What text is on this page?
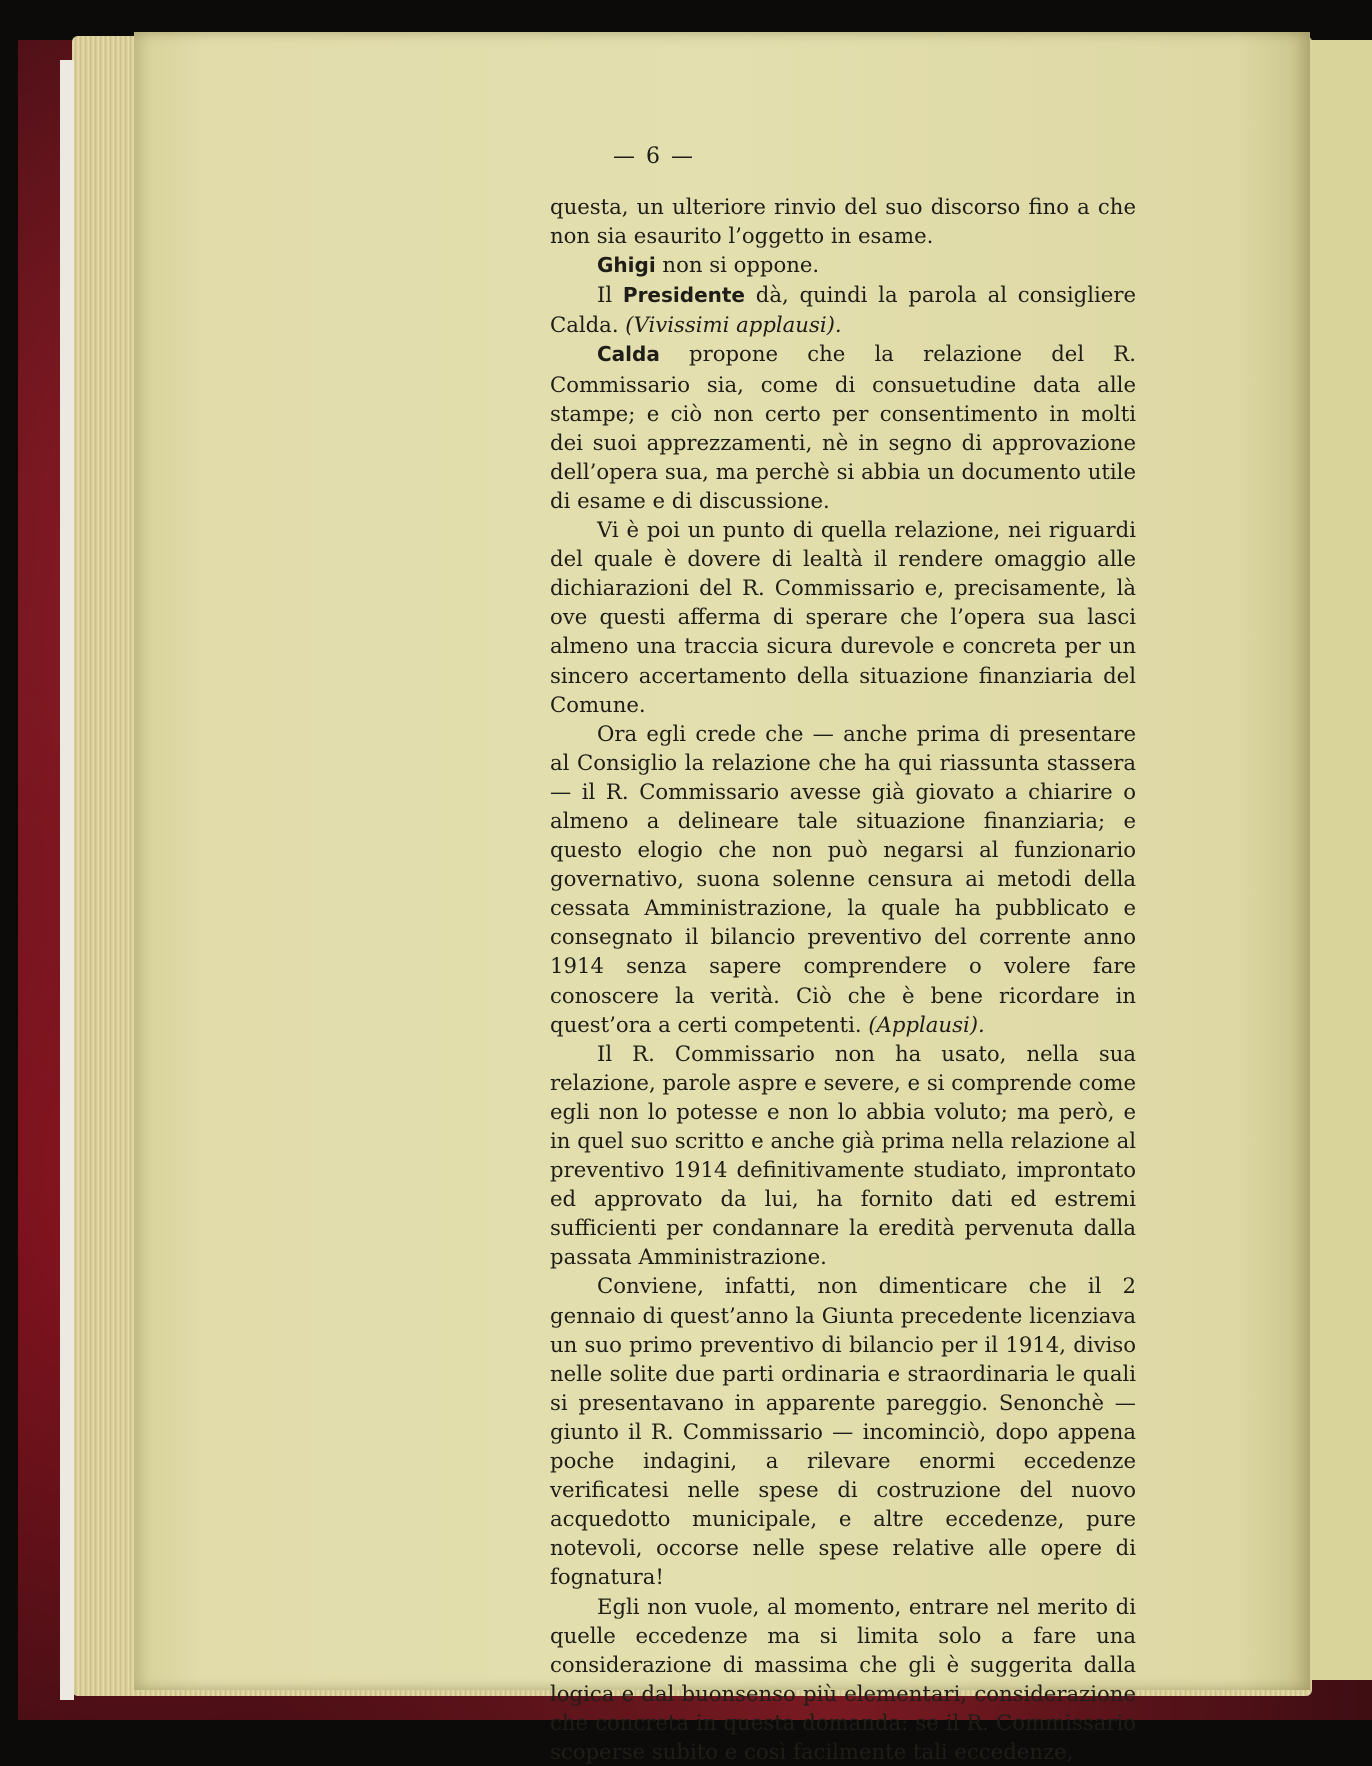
— 6 —

questa, un ulteriore rinvio del suo discorso fino a che non sia esaurito l’oggetto in esame.

Ghigi non si oppone.

Il Presidente dà, quindi la parola al consigliere Calda. (Vivissimi applausi).

Calda propone che la relazione del R. Commissario sia, come di consuetudine data alle stampe; e ciò non certo per consentimento in molti dei suoi apprezzamenti, nè in segno di approvazione dell’opera sua, ma perchè si abbia un documento utile di esame e di discussione.

Vi è poi un punto di quella relazione, nei riguardi del quale è dovere di lealtà il rendere omaggio alle dichiarazioni del R. Commissario e, precisamente, là ove questi afferma di sperare che l’opera sua lasci almeno una traccia sicura durevole e concreta per un sincero accertamento della situazione finanziaria del Comune.

Ora egli crede che — anche prima di presentare al Consiglio la relazione che ha qui riassunta stassera — il R. Commissario avesse già giovato a chiarire o almeno a delineare tale situazione finanziaria; e questo elogio che non può negarsi al funzionario governativo, suona solenne censura ai metodi della cessata Amministrazione, la quale ha pubblicato e consegnato il bilancio preventivo del corrente anno 1914 senza sapere comprendere o volere fare conoscere la verità. Ciò che è bene ricordare in quest’ora a certi competenti. (Applausi).

Il R. Commissario non ha usato, nella sua relazione, parole aspre e severe, e si comprende come egli non lo potesse e non lo abbia voluto; ma però, e in quel suo scritto e anche già prima nella relazione al preventivo 1914 definitivamente studiato, improntato ed approvato da lui, ha fornito dati ed estremi sufficienti per condannare la eredità pervenuta dalla passata Amministrazione.

Conviene, infatti, non dimenticare che il 2 gennaio di quest’anno la Giunta precedente licenziava un suo primo preventivo di bilancio per il 1914, diviso nelle solite due parti ordinaria e straordinaria le quali si presentavano in apparente pareggio. Senonchè — giunto il R. Commissario — incominciò, dopo appena poche indagini, a rilevare enormi eccedenze verificatesi nelle spese di costruzione del nuovo acquedotto municipale, e altre eccedenze, pure notevoli, occorse nelle spese relative alle opere di fognatura!

Egli non vuole, al momento, entrare nel merito di quelle eccedenze ma si limita solo a fare una considerazione di massima che gli è suggerita dalla logica e dal buonsenso più elementari, considerazione che concreta in questa domanda: se il R. Commissario scoperse subito e così facilmente tali eccedenze,
